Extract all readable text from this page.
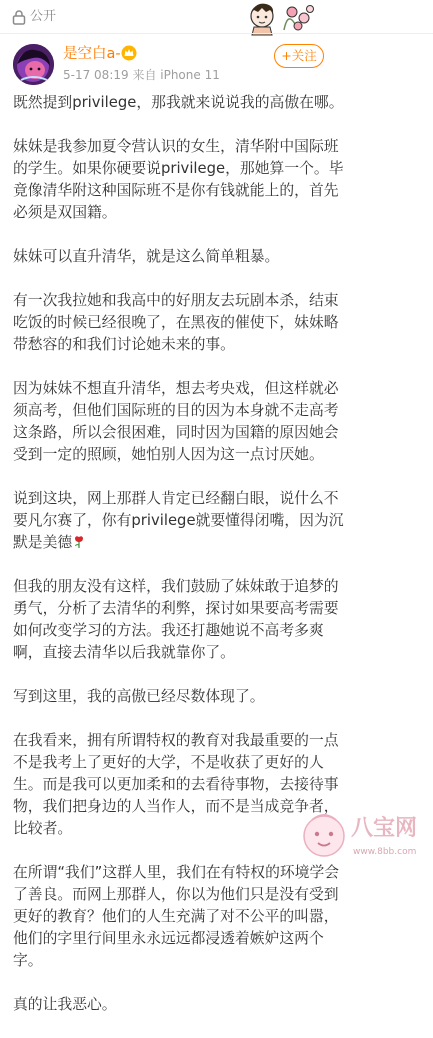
公开
是空白a-
5-17 08:19 来自 iPhone 11
+关注

既然提到privilege，那我就来说说我的高傲在哪。

妹妹是我参加夏令营认识的女生，清华附中国际班
的学生。如果你硬要说privilege，那她算一个。毕
竟像清华附这种国际班不是你有钱就能上的，首先
必须是双国籍。

妹妹可以直升清华，就是这么简单粗暴。

有一次我拉她和我高中的好朋友去玩剧本杀，结束
吃饭的时候已经很晚了，在黑夜的催使下，妹妹略
带愁容的和我们讨论她未来的事。

因为妹妹不想直升清华，想去考央戏，但这样就必
须高考，但他们国际班的目的因为本身就不走高考
这条路，所以会很困难，同时因为国籍的原因她会
受到一定的照顾，她怕别人因为这一点讨厌她。

说到这块，网上那群人肯定已经翻白眼，说什么不
要凡尔赛了，你有privilege就要懂得闭嘴，因为沉
默是美德

但我的朋友没有这样，我们鼓励了妹妹敢于追梦的
勇气，分析了去清华的利弊，探讨如果要高考需要
如何改变学习的方法。我还打趣她说不高考多爽
啊，直接去清华以后我就靠你了。

写到这里，我的高傲已经尽数体现了。

在我看来，拥有所谓特权的教育对我最重要的一点
不是我考上了更好的大学，不是收获了更好的人
生。而是我可以更加柔和的去看待事物，去接待事
物，我们把身边的人当作人，而不是当成竞争者，
比较者。

在所谓“我们”这群人里，我们在有特权的环境学会
了善良。而网上那群人，你以为他们只是没有受到
更好的教育？他们的人生充满了对不公平的叫嚣，
他们的字里行间里永永远远都浸透着嫉妒这两个
字。

真的让我恶心。

八宝网
www.8bb.com
